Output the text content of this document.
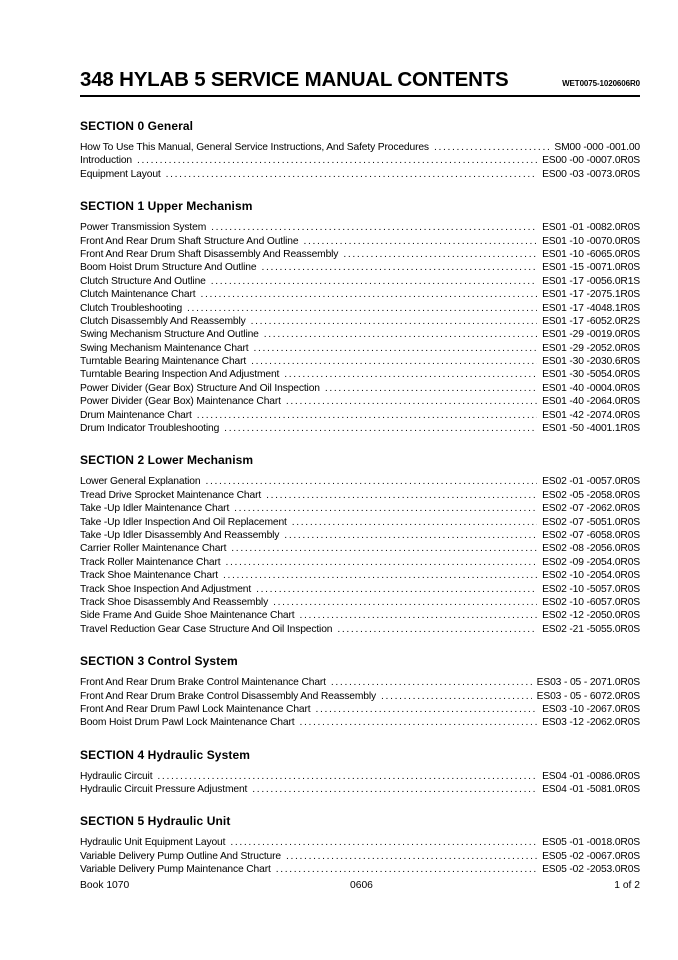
348 HYLAB 5 SERVICE MANUAL CONTENTS	WET0075-1020606R0
SECTION 0 General
How To Use This Manual, General Service Instructions, And Safety Procedures . . .	SM00 -000 -001.00
Introduction . . .	ES00 -00 -0007.0R0S
Equipment Layout . . .	ES00 -03 -0073.0R0S
SECTION 1 Upper Mechanism
Power Transmission System . . .	ES01 -01 -0082.0R0S
Front And Rear Drum Shaft Structure And Outline . . .	ES01 -10 -0070.0R0S
Front And Rear Drum Shaft Disassembly And Reassembly . . .	ES01 -10 -6065.0R0S
Boom Hoist Drum Structure And Outline . . .	ES01 -15 -0071.0R0S
Clutch Structure And Outline . . .	ES01 -17 -0056.0R1S
Clutch Maintenance Chart . . .	ES01 -17 -2075.1R0S
Clutch Troubleshooting . . .	ES01 -17 -4048.1R0S
Clutch Disassembly And Reassembly . . .	ES01 -17 -6052.0R2S
Swing Mechanism Structure And Outline . . .	ES01 -29 -0019.0R0S
Swing Mechanism Maintenance Chart . . .	ES01 -29 -2052.0R0S
Turntable Bearing Maintenance Chart . . .	ES01 -30 -2030.6R0S
Turntable Bearing Inspection And Adjustment . . .	ES01 -30 -5054.0R0S
Power Divider (Gear Box) Structure And Oil Inspection . . .	ES01 -40 -0004.0R0S
Power Divider (Gear Box) Maintenance Chart . . .	ES01 -40 -2064.0R0S
Drum Maintenance Chart . . .	ES01 -42 -2074.0R0S
Drum Indicator Troubleshooting . . .	ES01 -50 -4001.1R0S
SECTION 2 Lower Mechanism
Lower General Explanation . . .	ES02 -01 -0057.0R0S
Tread Drive Sprocket Maintenance Chart . . .	ES02 -05 -2058.0R0S
Take -Up Idler Maintenance Chart . . .	ES02 -07 -2062.0R0S
Take -Up Idler Inspection And Oil Replacement . . .	ES02 -07 -5051.0R0S
Take -Up Idler Disassembly And Reassembly . . .	ES02 -07 -6058.0R0S
Carrier Roller Maintenance Chart . . .	ES02 -08 -2056.0R0S
Track Roller Maintenance Chart . . .	ES02 -09 -2054.0R0S
Track Shoe Maintenance Chart . . .	ES02 -10 -2054.0R0S
Track Shoe Inspection And Adjustment . . .	ES02 -10 -5057.0R0S
Track Shoe Disassembly And Reassembly . . .	ES02 -10 -6057.0R0S
Side Frame And Guide Shoe Maintenance Chart . . .	ES02 -12 -2050.0R0S
Travel Reduction Gear Case Structure And Oil Inspection . . .	ES02 -21 -5055.0R0S
SECTION 3 Control System
Front And Rear Drum Brake Control Maintenance Chart . . .	ES03 - 05 - 2071.0R0S
Front And Rear Drum Brake Control Disassembly And Reassembly . . .	ES03 - 05 - 6072.0R0S
Front And Rear Drum Pawl Lock Maintenance Chart . . .	ES03 -10 -2067.0R0S
Boom Hoist Drum Pawl Lock Maintenance Chart . . .	ES03 -12 -2062.0R0S
SECTION 4 Hydraulic System
Hydraulic Circuit . . .	ES04 -01 -0086.0R0S
Hydraulic Circuit Pressure Adjustment . . .	ES04 -01 -5081.0R0S
SECTION 5 Hydraulic Unit
Hydraulic Unit Equipment Layout . . .	ES05 -01 -0018.0R0S
Variable Delivery Pump Outline And Structure . . .	ES05 -02 -0067.0R0S
Variable Delivery Pump Maintenance Chart . . .	ES05 -02 -2053.0R0S
Book 1070	0606	1 of 2
